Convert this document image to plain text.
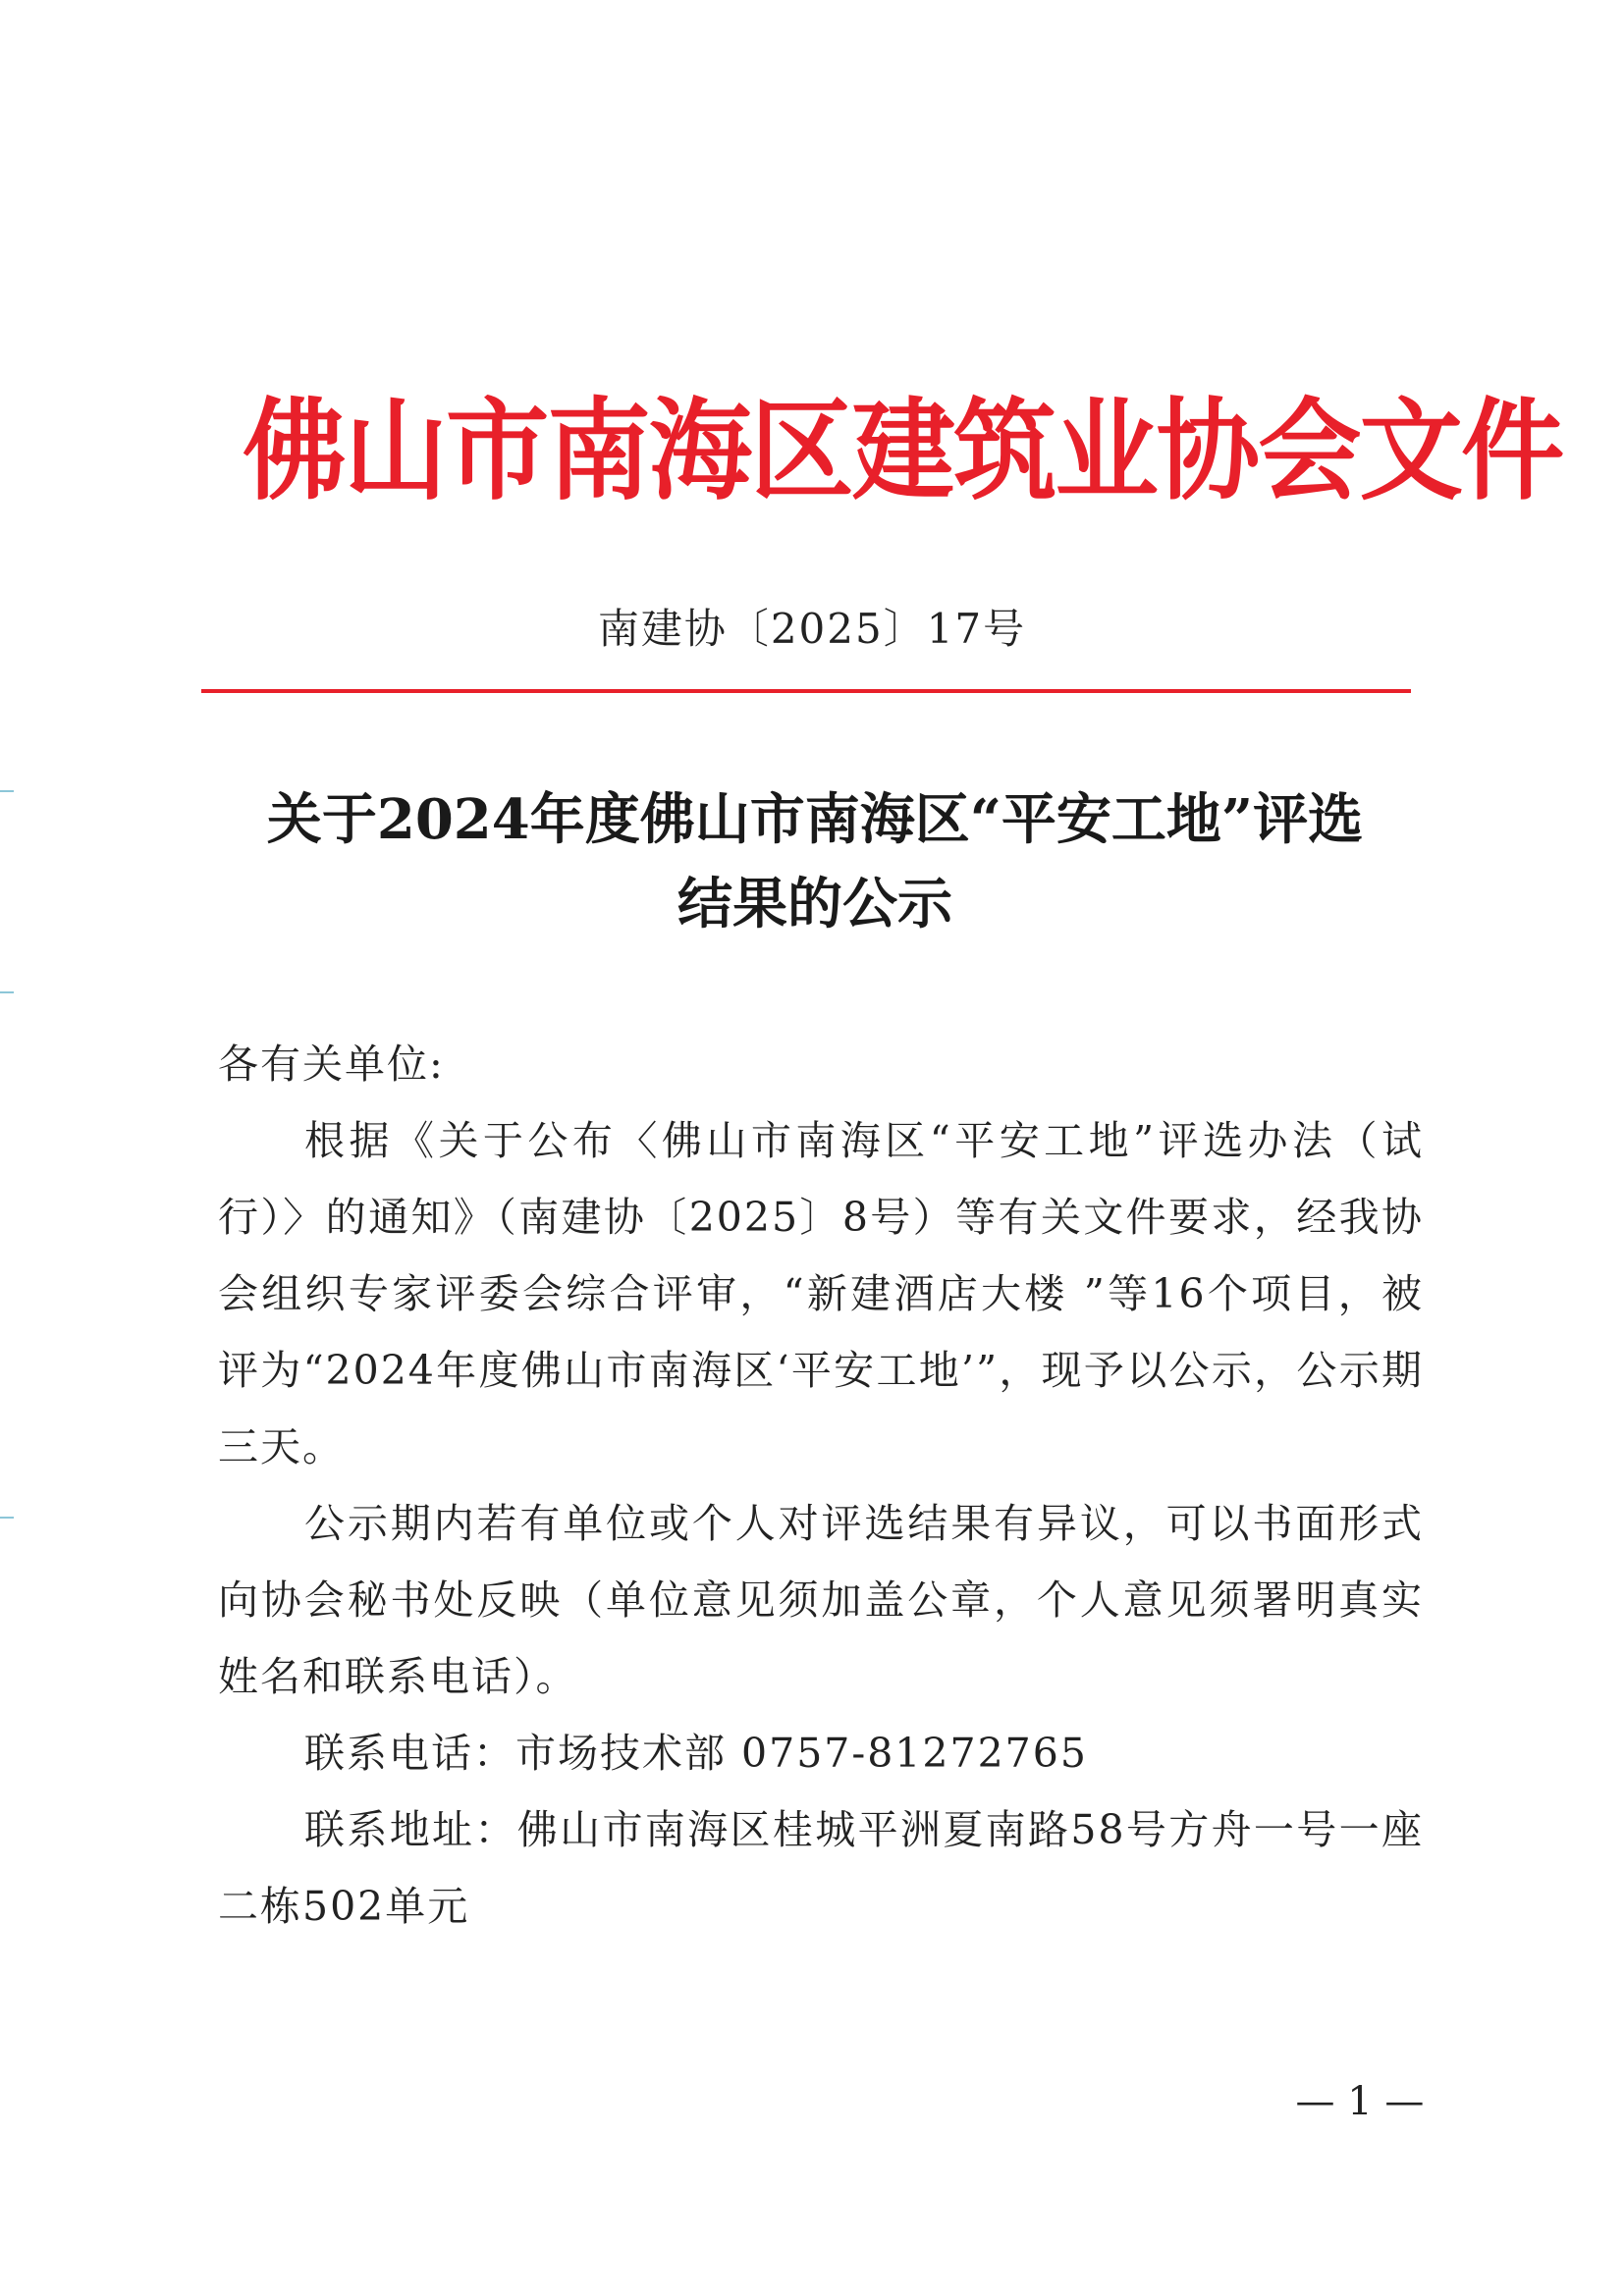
佛山市南海区建筑业协会文件
南建协〔2025〕17号
关于2024年度佛山市南海区“平安工地”评选
结果的公示

各有关单位:

根据《关于公布〈佛山市南海区“平安工地”评选办法（试行）〉的通知》（南建协〔2025〕8号）等有关文件要求，经我协会组织专家评委会综合评审，“新建酒店大楼 ”等16个项目，被评为“2024年度佛山市南海区‘平安工地’”，现予以公示，公示期三天。

公示期内若有单位或个人对评选结果有异议，可以书面形式向协会秘书处反映（单位意见须加盖公章，个人意见须署明真实姓名和联系电话）。

联系电话：市场技术部 0757-81272765

联系地址：佛山市南海区桂城平洲夏南路58号方舟一号一座二栋502单元

— 1 —
